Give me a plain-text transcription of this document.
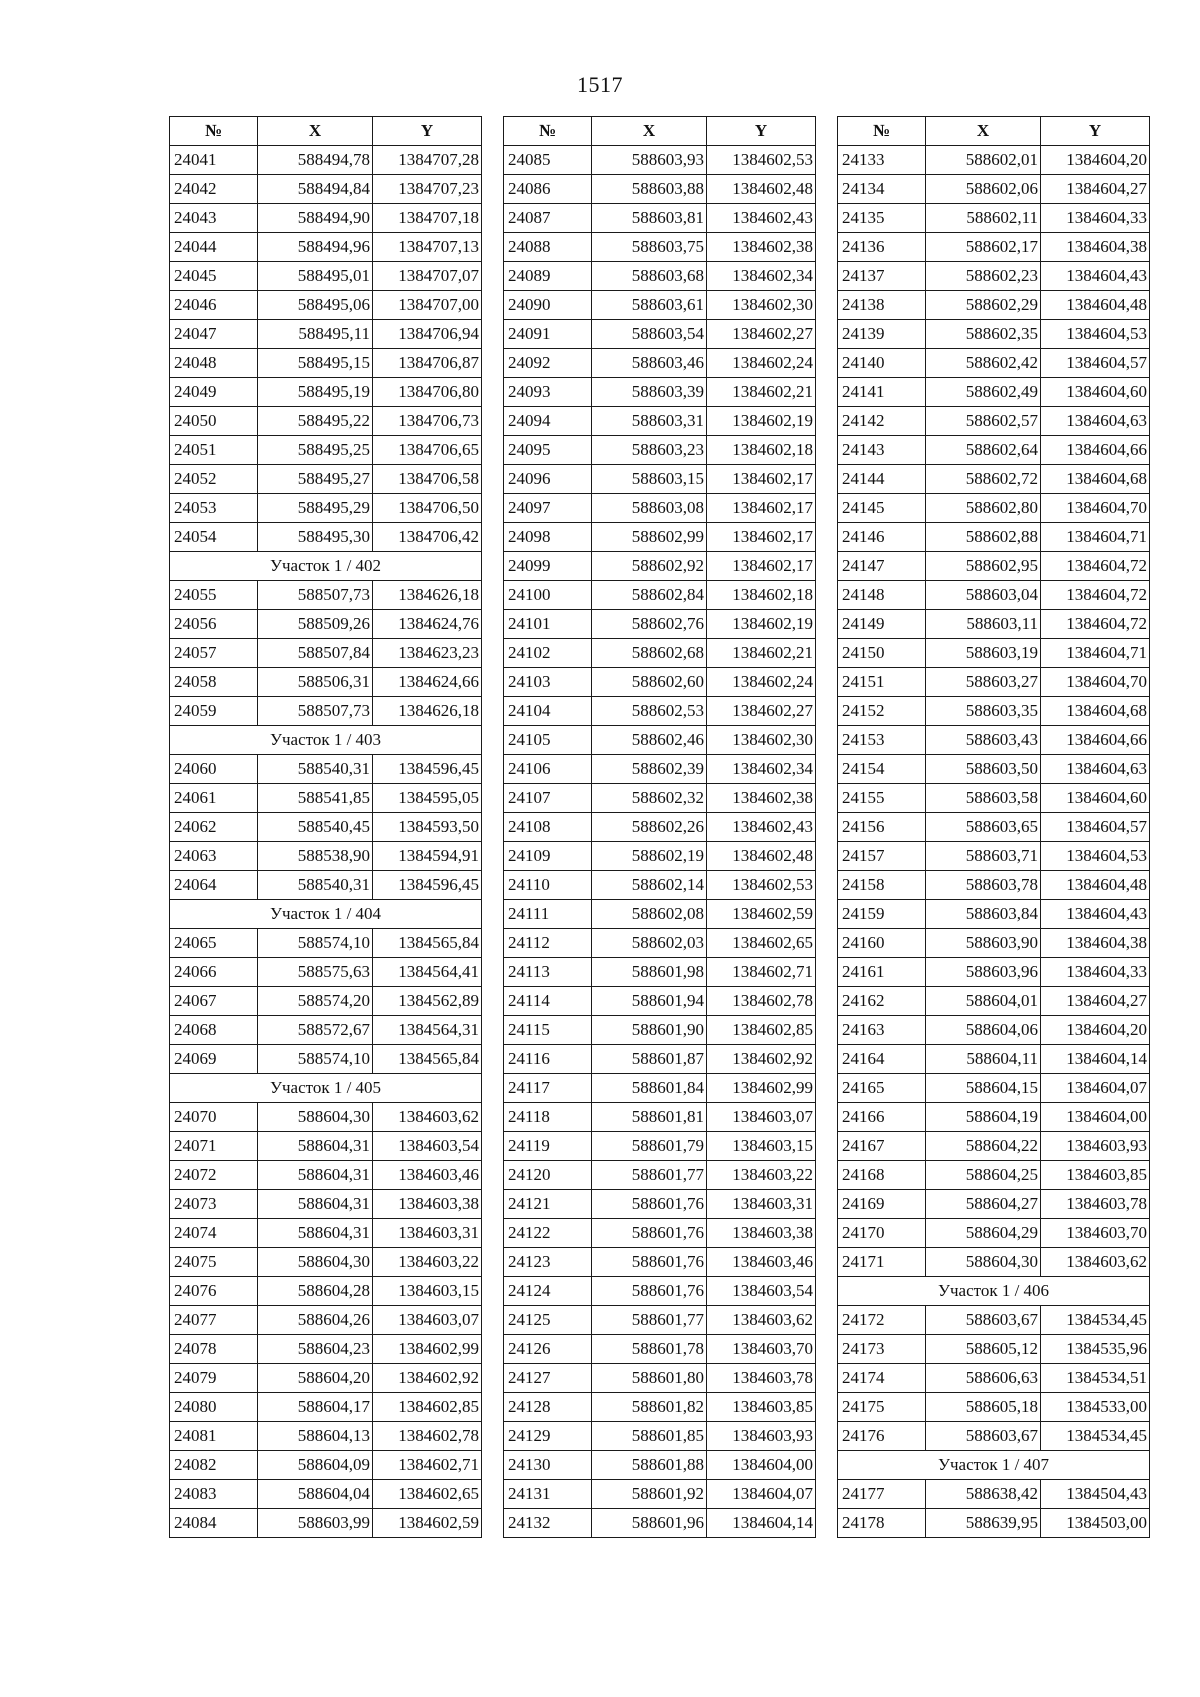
1517
№	X	Y
24041	588494,78	1384707,28
24042	588494,84	1384707,23
24043	588494,90	1384707,18
24044	588494,96	1384707,13
24045	588495,01	1384707,07
24046	588495,06	1384707,00
24047	588495,11	1384706,94
24048	588495,15	1384706,87
24049	588495,19	1384706,80
24050	588495,22	1384706,73
24051	588495,25	1384706,65
24052	588495,27	1384706,58
24053	588495,29	1384706,50
24054	588495,30	1384706,42
Участок 1 / 402		
24055	588507,73	1384626,18
24056	588509,26	1384624,76
24057	588507,84	1384623,23
24058	588506,31	1384624,66
24059	588507,73	1384626,18
Участок 1 / 403		
24060	588540,31	1384596,45
24061	588541,85	1384595,05
24062	588540,45	1384593,50
24063	588538,90	1384594,91
24064	588540,31	1384596,45
Участок 1 / 404		
24065	588574,10	1384565,84
24066	588575,63	1384564,41
24067	588574,20	1384562,89
24068	588572,67	1384564,31
24069	588574,10	1384565,84
Участок 1 / 405		
24070	588604,30	1384603,62
24071	588604,31	1384603,54
24072	588604,31	1384603,46
24073	588604,31	1384603,38
24074	588604,31	1384603,31
24075	588604,30	1384603,22
24076	588604,28	1384603,15
24077	588604,26	1384603,07
24078	588604,23	1384602,99
24079	588604,20	1384602,92
24080	588604,17	1384602,85
24081	588604,13	1384602,78
24082	588604,09	1384602,71
24083	588604,04	1384602,65
24084	588603,99	1384602,59
№	X	Y
24085	588603,93	1384602,53
24086	588603,88	1384602,48
24087	588603,81	1384602,43
24088	588603,75	1384602,38
24089	588603,68	1384602,34
24090	588603,61	1384602,30
24091	588603,54	1384602,27
24092	588603,46	1384602,24
24093	588603,39	1384602,21
24094	588603,31	1384602,19
24095	588603,23	1384602,18
24096	588603,15	1384602,17
24097	588603,08	1384602,17
24098	588602,99	1384602,17
24099	588602,92	1384602,17
24100	588602,84	1384602,18
24101	588602,76	1384602,19
24102	588602,68	1384602,21
24103	588602,60	1384602,24
24104	588602,53	1384602,27
24105	588602,46	1384602,30
24106	588602,39	1384602,34
24107	588602,32	1384602,38
24108	588602,26	1384602,43
24109	588602,19	1384602,48
24110	588602,14	1384602,53
24111	588602,08	1384602,59
24112	588602,03	1384602,65
24113	588601,98	1384602,71
24114	588601,94	1384602,78
24115	588601,90	1384602,85
24116	588601,87	1384602,92
24117	588601,84	1384602,99
24118	588601,81	1384603,07
24119	588601,79	1384603,15
24120	588601,77	1384603,22
24121	588601,76	1384603,31
24122	588601,76	1384603,38
24123	588601,76	1384603,46
24124	588601,76	1384603,54
24125	588601,77	1384603,62
24126	588601,78	1384603,70
24127	588601,80	1384603,78
24128	588601,82	1384603,85
24129	588601,85	1384603,93
24130	588601,88	1384604,00
24131	588601,92	1384604,07
24132	588601,96	1384604,14
№	X	Y
24133	588602,01	1384604,20
24134	588602,06	1384604,27
24135	588602,11	1384604,33
24136	588602,17	1384604,38
24137	588602,23	1384604,43
24138	588602,29	1384604,48
24139	588602,35	1384604,53
24140	588602,42	1384604,57
24141	588602,49	1384604,60
24142	588602,57	1384604,63
24143	588602,64	1384604,66
24144	588602,72	1384604,68
24145	588602,80	1384604,70
24146	588602,88	1384604,71
24147	588602,95	1384604,72
24148	588603,04	1384604,72
24149	588603,11	1384604,72
24150	588603,19	1384604,71
24151	588603,27	1384604,70
24152	588603,35	1384604,68
24153	588603,43	1384604,66
24154	588603,50	1384604,63
24155	588603,58	1384604,60
24156	588603,65	1384604,57
24157	588603,71	1384604,53
24158	588603,78	1384604,48
24159	588603,84	1384604,43
24160	588603,90	1384604,38
24161	588603,96	1384604,33
24162	588604,01	1384604,27
24163	588604,06	1384604,20
24164	588604,11	1384604,14
24165	588604,15	1384604,07
24166	588604,19	1384604,00
24167	588604,22	1384603,93
24168	588604,25	1384603,85
24169	588604,27	1384603,78
24170	588604,29	1384603,70
24171	588604,30	1384603,62
Участок 1 / 406		
24172	588603,67	1384534,45
24173	588605,12	1384535,96
24174	588606,63	1384534,51
24175	588605,18	1384533,00
24176	588603,67	1384534,45
Участок 1 / 407		
24177	588638,42	1384504,43
24178	588639,95	1384503,00
